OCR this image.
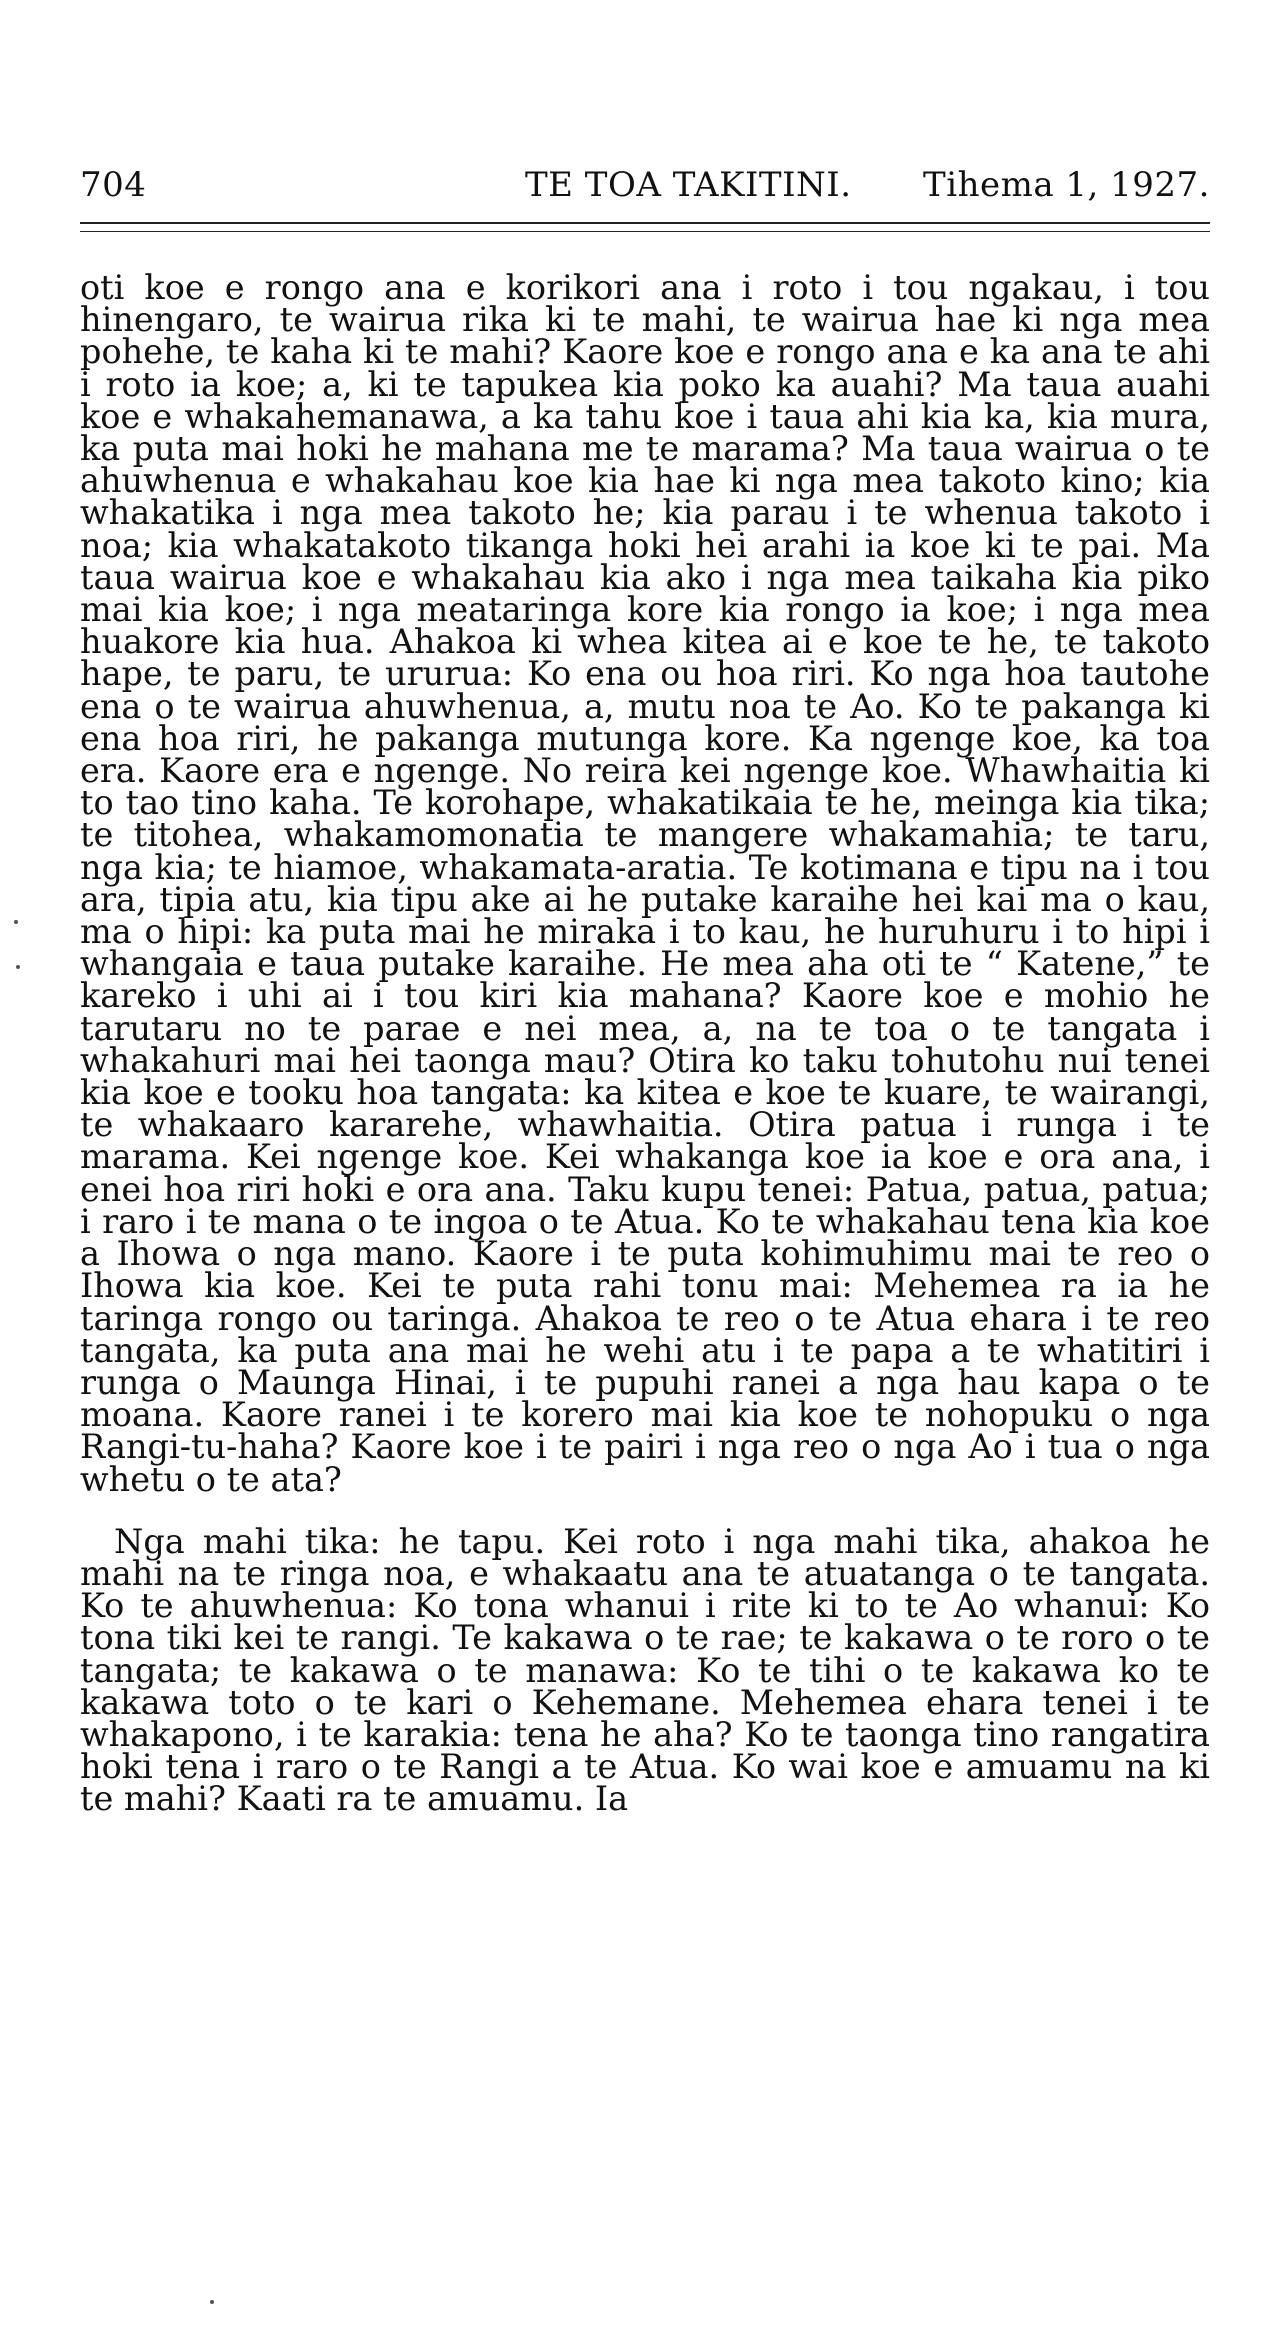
704	TE TOA TAKITINI. Tihema 1, 1927.

oti koe e rongo ana e korikori ana i roto i tou ngakau, i tou hinengaro, te wairua rika ki te mahi, te wairua hae ki nga mea pohehe, te kaha ki te mahi? Kaore koe e rongo ana e ka ana te ahi i roto ia koe; a, ki te tapukea kia poko ka auahi? Ma taua auahi koe e whakahemanawa, a ka tahu koe i taua ahi kia ka, kia mura, ka puta mai hoki he mahana me te marama? Ma taua wairua o te ahuwhenua e whakahau koe kia hae ki nga mea takoto kino; kia whakatika i nga mea takoto he; kia parau i te whenua takoto i noa; kia whakatakoto tikanga hoki hei arahi ia koe ki te pai. Ma taua wairua koe e whakahau kia ako i nga mea taikaha kia piko mai kia koe; i nga meataringa kore kia rongo ia koe; i nga mea huakore kia hua. Ahakoa ki whea kitea ai e koe te he, te takoto hape, te paru, te ururua: Ko ena ou hoa riri. Ko nga hoa tautohe ena o te wairua ahuwhenua, a, mutu noa te Ao. Ko te pakanga ki ena hoa riri, he pakanga mutunga kore. Ka ngenge koe, ka toa era. Kaore era e ngenge. No reira kei ngenge koe. Whawhaitia ki to tao tino kaha. Te korohape, whakatikaia te he, meinga kia tika; te titohea, whakamomonatia te mangere whakamahia; te taru, nga kia; te hiamoe, whakamata-aratia. Te kotimana e tipu na i tou ara, tipia atu, kia tipu ake ai he putake karaihe hei kai ma o kau, ma o hipi: ka puta mai he miraka i to kau, he huruhuru i to hipi i whangaia e taua putake karaihe. He mea aha oti te “ Katene,” te kareko i uhi ai i tou kiri kia mahana? Kaore koe e mohio he tarutaru no te parae e nei mea, a, na te toa o te tangata i whakahuri mai hei taonga mau? Otira ko taku tohutohu nui tenei kia koe e tooku hoa tangata: ka kitea e koe te kuare, te wairangi, te whakaaro kararehe, whawhaitia. Otira patua i runga i te marama. Kei ngenge koe. Kei whakanga koe ia koe e ora ana, i enei hoa riri hoki e ora ana. Taku kupu tenei: Patua, patua, patua; i raro i te mana o te ingoa o te Atua. Ko te whakahau tena kia koe a Ihowa o nga mano. Kaore i te puta kohimuhimu mai te reo o Ihowa kia koe. Kei te puta rahi tonu mai: Mehemea ra ia he taringa rongo ou taringa. Ahakoa te reo o te Atua ehara i te reo tangata, ka puta ana mai he wehi atu i te papa a te whatitiri i runga o Maunga Hinai, i te pupuhi ranei a nga hau kapa o te moana. Kaore ranei i te korero mai kia koe te nohopuku o nga Rangi-tu-haha? Kaore koe i te pairi i nga reo o nga Ao i tua o nga whetu o te ata?

Nga mahi tika: he tapu. Kei roto i nga mahi tika, ahakoa he mahi na te ringa noa, e whakaatu ana te atuatanga o te tangata. Ko te ahuwhenua: Ko tona whanui i rite ki to te Ao whanui: Ko tona tiki kei te rangi. Te kakawa o te rae; te kakawa o te roro o te tangata; te kakawa o te manawa: Ko te tihi o te kakawa ko te kakawa toto o te kari o Kehemane. Mehemea ehara tenei i te whakapono, i te karakia: tena he aha? Ko te taonga tino rangatira hoki tena i raro o te Rangi a te Atua. Ko wai koe e amuamu na ki te mahi? Kaati ra te amuamu. Ia
